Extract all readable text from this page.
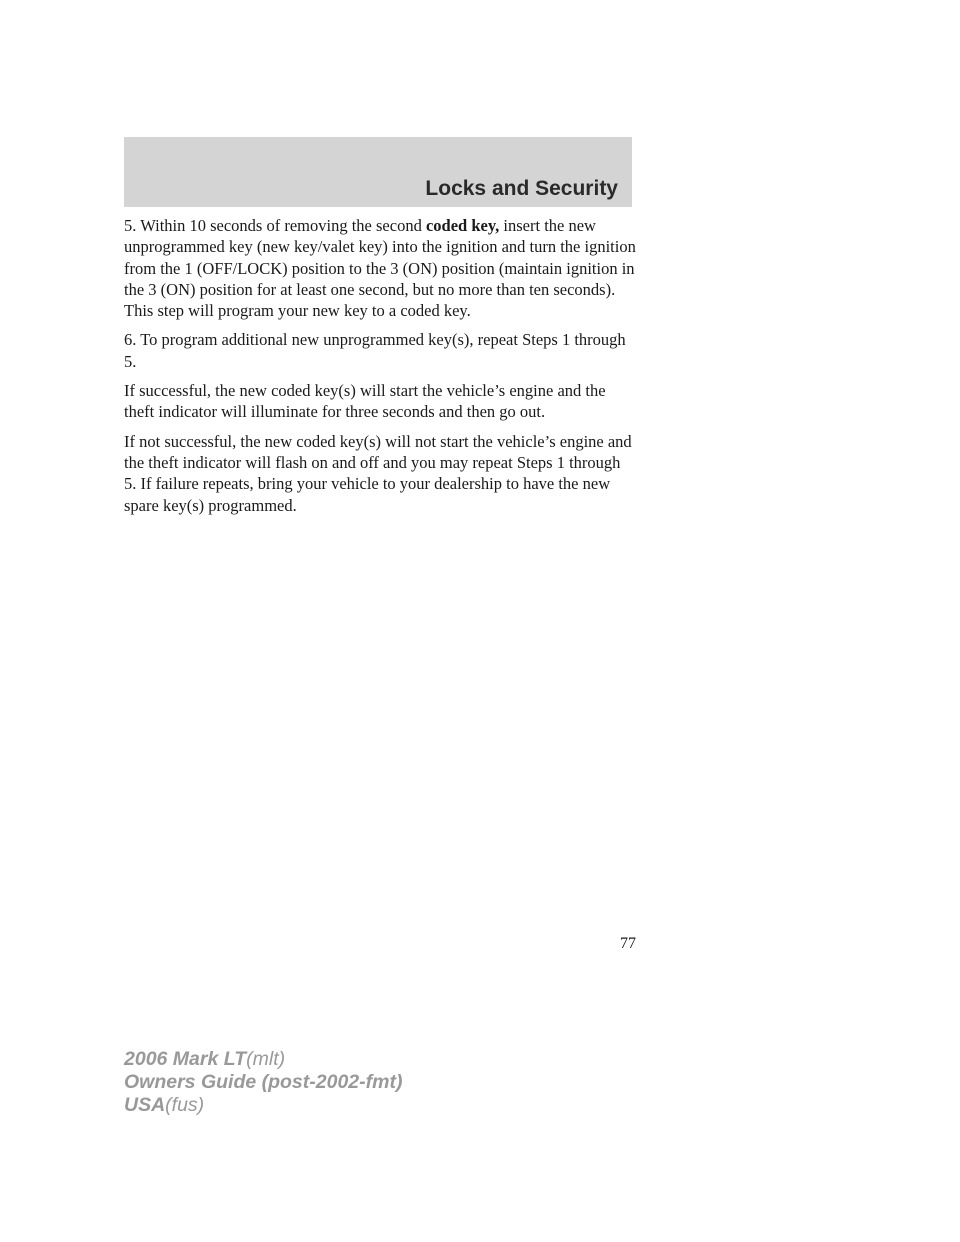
Locks and Security

5. Within 10 seconds of removing the second coded key, insert the new unprogrammed key (new key/valet key) into the ignition and turn the ignition from the 1 (OFF/LOCK) position to the 3 (ON) position (maintain ignition in the 3 (ON) position for at least one second, but no more than ten seconds). This step will program your new key to a coded key.

6. To program additional new unprogrammed key(s), repeat Steps 1 through 5.

If successful, the new coded key(s) will start the vehicle’s engine and the theft indicator will illuminate for three seconds and then go out.

If not successful, the new coded key(s) will not start the vehicle’s engine and the theft indicator will flash on and off and you may repeat Steps 1 through 5. If failure repeats, bring your vehicle to your dealership to have the new spare key(s) programmed.

77
2006 Mark LT(mlt)
Owners Guide (post-2002-fmt)
USA(fus)
